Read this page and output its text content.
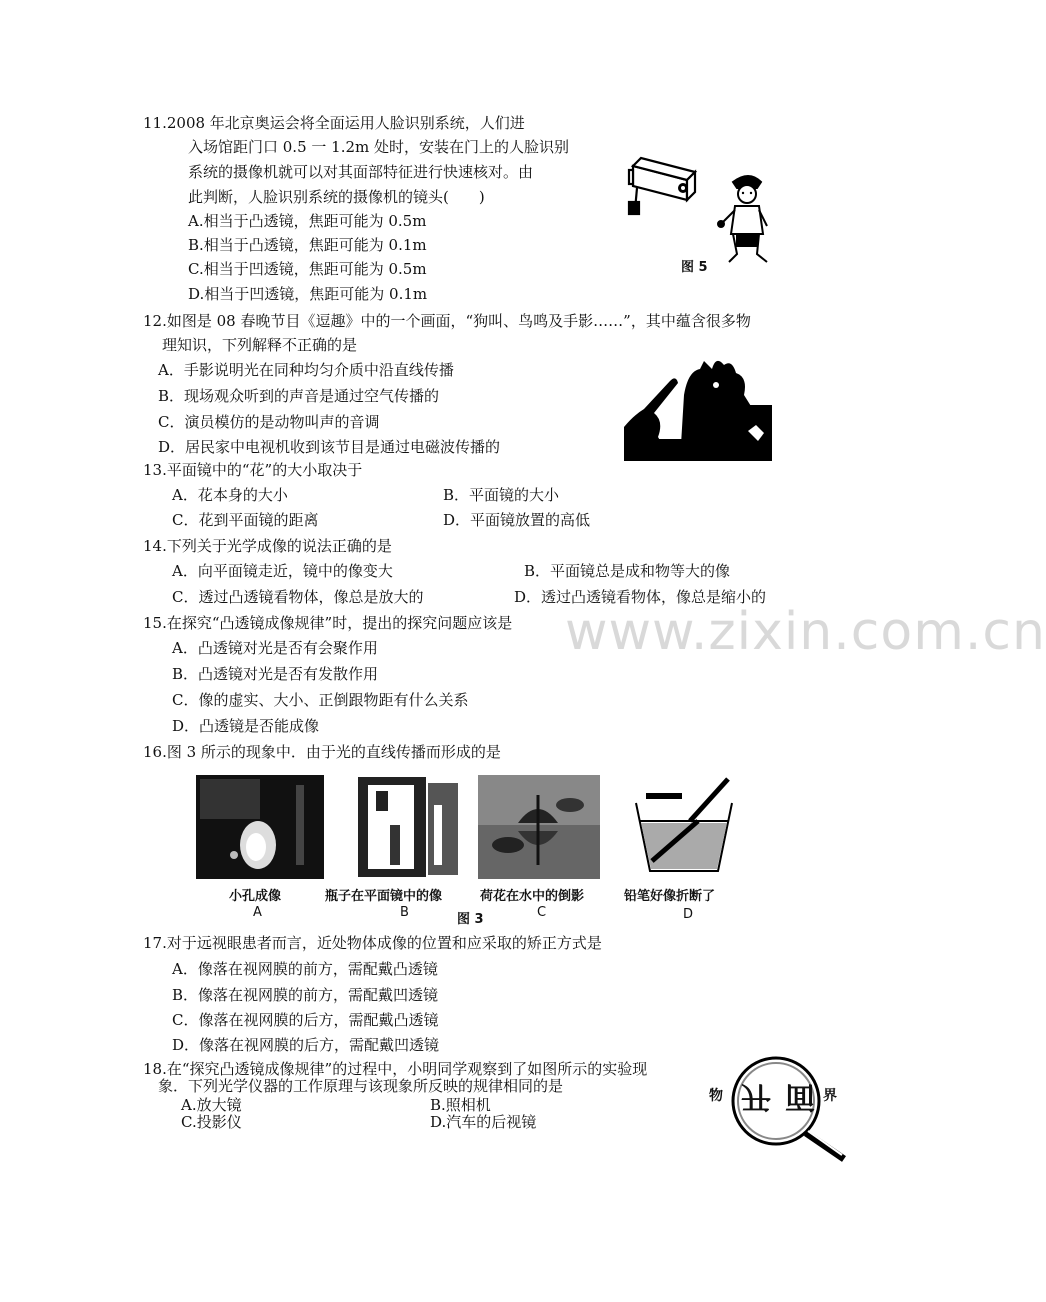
www.zixin.com.cn
11.2008 年北京奥运会将全面运用人脸识别系统，人们进
入场馆距门口 0.5 一 1.2m 处时，安装在门上的人脸识别
系统的摄像机就可以对其面部特征进行快速核对。由
此判断，人脸识别系统的摄像机的镜头(　　)
A.相当于凸透镜，焦距可能为 0.5m
B.相当于凸透镜，焦距可能为 0.1m
C.相当于凹透镜，焦距可能为 0.5m
D.相当于凹透镜，焦距可能为 0.1m
图 5
12.如图是 08 春晚节目《逗趣》中的一个画面，“狗叫、鸟鸣及手影……”，其中蕴含很多物
理知识，下列解释不正确的是
A．手影说明光在同种均匀介质中沿直线传播
B．现场观众听到的声音是通过空气传播的
C．演员模仿的是动物叫声的音调
D．居民家中电视机收到该节目是通过电磁波传播的
13.平面镜中的“花”的大小取决于
A．花本身的大小	B．平面镜的大小
C．花到平面镜的距离	D．平面镜放置的高低
14.下列关于光学成像的说法正确的是
A．向平面镜走近，镜中的像变大	B．平面镜总是成和物等大的像
C．透过凸透镜看物体，像总是放大的	D．透过凸透镜看物体，像总是缩小的
15.在探究“凸透镜成像规律”时，提出的探究问题应该是
A．凸透镜对光是否有会聚作用
B．凸透镜对光是否有发散作用
C．像的虚实、大小、正倒跟物距有什么关系
D．凸透镜是否能成像
16.图 3 所示的现象中．由于光的直线传播而形成的是
小孔成像	瓶子在平面镜中的像	荷花在水中的倒影	铅笔好像折断了
A	B	图 3	C	D
17.对于远视眼患者而言，近处物体成像的位置和应采取的矫正方式是
A．像落在视网膜的前方，需配戴凸透镜
B．像落在视网膜的前方，需配戴凹透镜
C．像落在视网膜的后方，需配戴凸透镜
D．像落在视网膜的后方，需配戴凹透镜
18.在“探究凸透镜成像规律”的过程中，小明同学观察到了如图所示的实验现
象．下列光学仪器的工作原理与该现象所反映的规律相同的是
A.放大镜	B.照相机
C.投影仪	D.汽车的后视镜
物 开 面 界
